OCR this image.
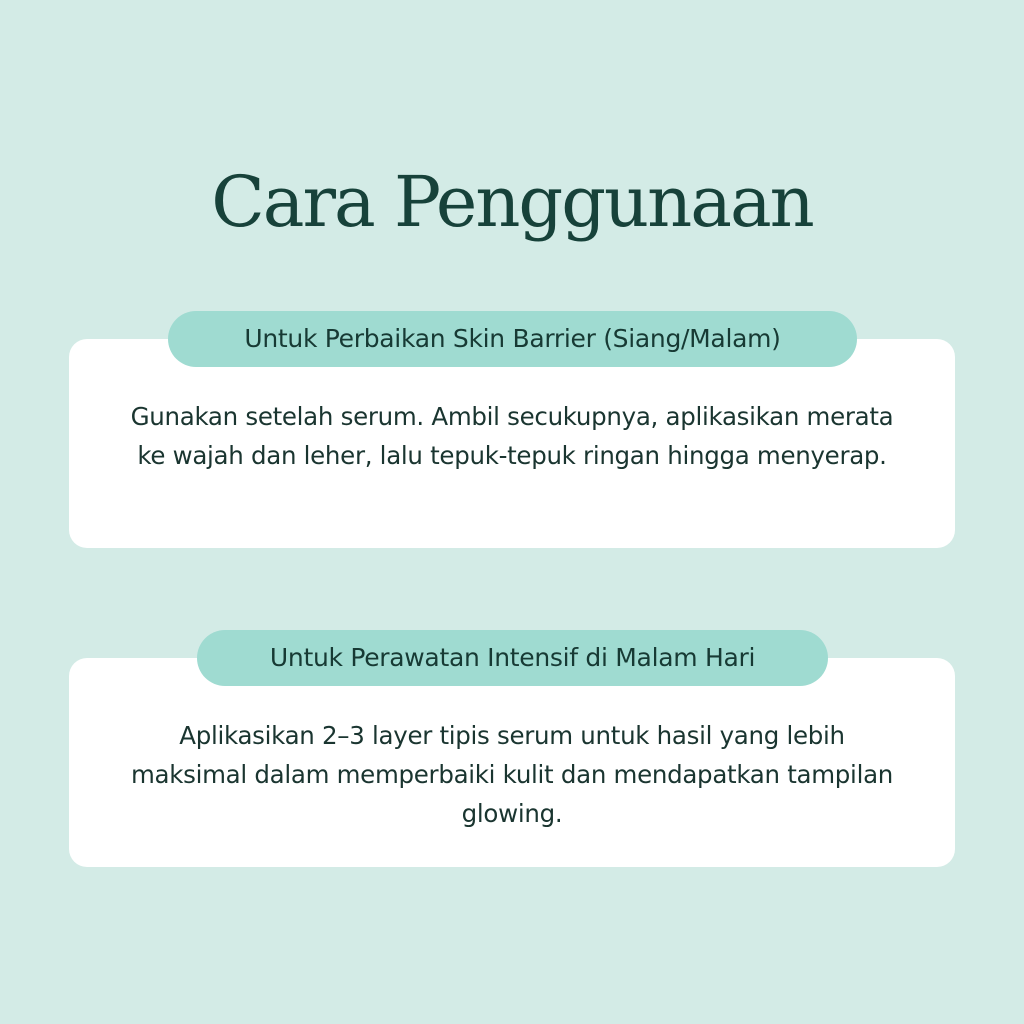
Cara Penggunaan

Gunakan setelah serum. Ambil secukupnya, aplikasikan merata
ke wajah dan leher, lalu tepuk-tepuk ringan hingga menyerap.

Untuk Perbaikan Skin Barrier (Siang/Malam)

Aplikasikan 2–3 layer tipis serum untuk hasil yang lebih
maksimal dalam memperbaiki kulit dan mendapatkan tampilan
glowing.

Untuk Perawatan Intensif di Malam Hari
